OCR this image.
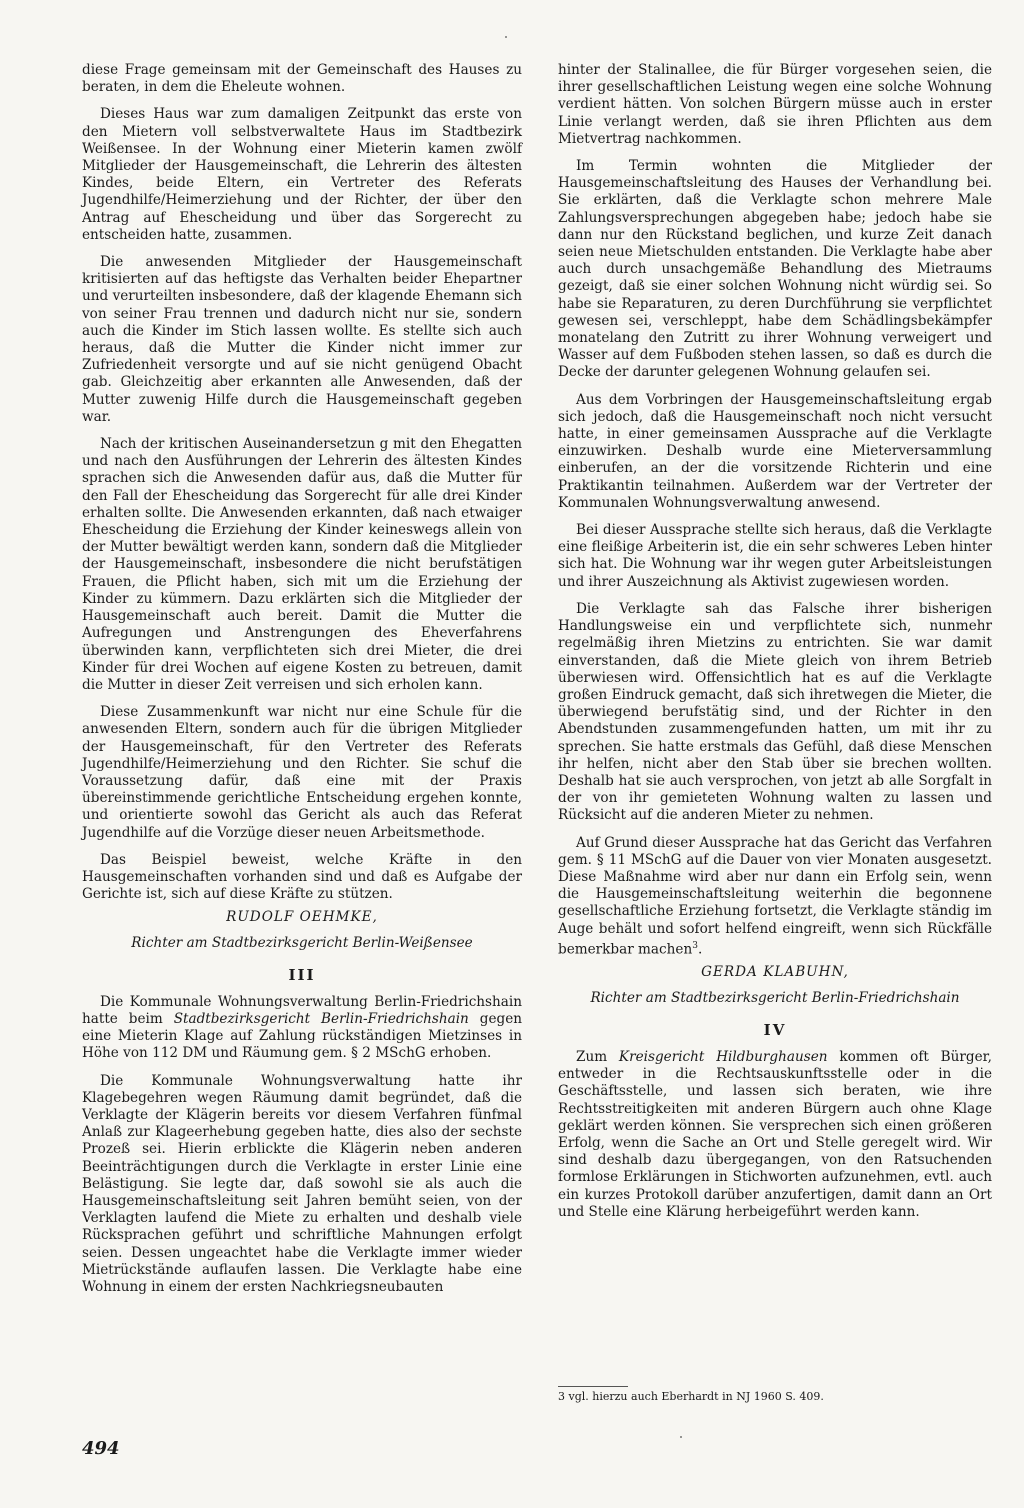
diese Frage gemeinsam mit der Gemeinschaft des Hauses zu beraten, in dem die Eheleute wohnen.

Dieses Haus war zum damaligen Zeitpunkt das erste von den Mietern voll selbstverwaltete Haus im Stadtbezirk Weißensee. In der Wohnung einer Mieterin kamen zwölf Mitglieder der Hausgemeinschaft, die Lehrerin des ältesten Kindes, beide Eltern, ein Vertreter des Referats Jugendhilfe/Heimerziehung und der Richter, der über den Antrag auf Ehescheidung und über das Sorgerecht zu entscheiden hatte, zusammen.

Die anwesenden Mitglieder der Hausgemeinschaft kritisierten auf das heftigste das Verhalten beider Ehepartner und verurteilten insbesondere, daß der klagende Ehemann sich von seiner Frau trennen und dadurch nicht nur sie, sondern auch die Kinder im Stich lassen wollte. Es stellte sich auch heraus, daß die Mutter die Kinder nicht immer zur Zufriedenheit versorgte und auf sie nicht genügend Obacht gab. Gleichzeitig aber erkannten alle Anwesenden, daß der Mutter zuwenig Hilfe durch die Hausgemeinschaft gegeben war.

Nach der kritischen Auseinandersetzun g mit den Ehegatten und nach den Ausführungen der Lehrerin des ältesten Kindes sprachen sich die Anwesenden dafür aus, daß die Mutter für den Fall der Ehescheidung das Sorgerecht für alle drei Kinder erhalten sollte. Die Anwesenden erkannten, daß nach etwaiger Ehescheidung die Erziehung der Kinder keineswegs allein von der Mutter bewältigt werden kann, sondern daß die Mitglieder der Hausgemeinschaft, insbesondere die nicht berufstätigen Frauen, die Pflicht haben, sich mit um die Erziehung der Kinder zu kümmern. Dazu erklärten sich die Mitglieder der Hausgemeinschaft auch bereit. Damit die Mutter die Aufregungen und Anstrengungen des Eheverfahrens überwinden kann, verpflichteten sich drei Mieter, die drei Kinder für drei Wochen auf eigene Kosten zu betreuen, damit die Mutter in dieser Zeit verreisen und sich erholen kann.

Diese Zusammenkunft war nicht nur eine Schule für die anwesenden Eltern, sondern auch für die übrigen Mitglieder der Hausgemeinschaft, für den Vertreter des Referats Jugendhilfe/Heimerziehung und den Richter. Sie schuf die Voraussetzung dafür, daß eine mit der Praxis übereinstimmende gerichtliche Entscheidung ergehen konnte, und orientierte sowohl das Gericht als auch das Referat Jugendhilfe auf die Vorzüge dieser neuen Arbeitsmethode.

Das Beispiel beweist, welche Kräfte in den Hausgemeinschaften vorhanden sind und daß es Aufgabe der Gerichte ist, sich auf diese Kräfte zu stützen.

RUDOLF OEHMKE,
Richter am Stadtbezirksgericht Berlin-Weißensee
III

Die Kommunale Wohnungsverwaltung Berlin-Friedrichshain hatte beim Stadtbezirksgericht Berlin-Friedrichshain gegen eine Mieterin Klage auf Zahlung rückständigen Mietzinses in Höhe von 112 DM und Räumung gem. § 2 MSchG erhoben.

Die Kommunale Wohnungsverwaltung hatte ihr Klagebegehren wegen Räumung damit begründet, daß die Verklagte der Klägerin bereits vor diesem Verfahren fünfmal Anlaß zur Klageerhebung gegeben hatte, dies also der sechste Prozeß sei. Hierin erblickte die Klägerin neben anderen Beeinträchtigungen durch die Verklagte in erster Linie eine Belästigung. Sie legte dar, daß sowohl sie als auch die Hausgemeinschaftsleitung seit Jahren bemüht seien, von der Verklagten laufend die Miete zu erhalten und deshalb viele Rücksprachen geführt und schriftliche Mahnungen erfolgt seien. Dessen ungeachtet habe die Verklagte immer wieder Mietrückstände auflaufen lassen. Die Verklagte habe eine Wohnung in einem der ersten Nachkriegsneubauten

hinter der Stalinallee, die für Bürger vorgesehen seien, die ihrer gesellschaftlichen Leistung wegen eine solche Wohnung verdient hätten. Von solchen Bürgern müsse auch in erster Linie verlangt werden, daß sie ihren Pflichten aus dem Mietvertrag nachkommen.

Im Termin wohnten die Mitglieder der Hausgemeinschaftsleitung des Hauses der Verhandlung bei. Sie erklärten, daß die Verklagte schon mehrere Male Zahlungsversprechungen abgegeben habe; jedoch habe sie dann nur den Rückstand beglichen, und kurze Zeit danach seien neue Mietschulden entstanden. Die Verklagte habe aber auch durch unsachgemäße Behandlung des Mietraums gezeigt, daß sie einer solchen Wohnung nicht würdig sei. So habe sie Reparaturen, zu deren Durchführung sie verpflichtet gewesen sei, verschleppt, habe dem Schädlingsbekämpfer monatelang den Zutritt zu ihrer Wohnung verweigert und Wasser auf dem Fußboden stehen lassen, so daß es durch die Decke der darunter gelegenen Wohnung gelaufen sei.

Aus dem Vorbringen der Hausgemeinschaftsleitung ergab sich jedoch, daß die Hausgemeinschaft noch nicht versucht hatte, in einer gemeinsamen Aussprache auf die Verklagte einzuwirken. Deshalb wurde eine Mieterversammlung einberufen, an der die vorsitzende Richterin und eine Praktikantin teilnahmen. Außerdem war der Vertreter der Kommunalen Wohnungsverwaltung anwesend.

Bei dieser Aussprache stellte sich heraus, daß die Verklagte eine fleißige Arbeiterin ist, die ein sehr schweres Leben hinter sich hat. Die Wohnung war ihr wegen guter Arbeitsleistungen und ihrer Auszeichnung als Aktivist zugewiesen worden.

Die Verklagte sah das Falsche ihrer bisherigen Handlungsweise ein und verpflichtete sich, nunmehr regelmäßig ihren Mietzins zu entrichten. Sie war damit einverstanden, daß die Miete gleich von ihrem Betrieb überwiesen wird. Offensichtlich hat es auf die Verklagte großen Eindruck gemacht, daß sich ihretwegen die Mieter, die überwiegend berufstätig sind, und der Richter in den Abendstunden zusammengefunden hatten, um mit ihr zu sprechen. Sie hatte erstmals das Gefühl, daß diese Menschen ihr helfen, nicht aber den Stab über sie brechen wollten. Deshalb hat sie auch versprochen, von jetzt ab alle Sorgfalt in der von ihr gemieteten Wohnung walten zu lassen und Rücksicht auf die anderen Mieter zu nehmen.

Auf Grund dieser Aussprache hat das Gericht das Verfahren gem. § 11 MSchG auf die Dauer von vier Monaten ausgesetzt. Diese Maßnahme wird aber nur dann ein Erfolg sein, wenn die Hausgemeinschaftsleitung weiterhin die begonnene gesellschaftliche Erziehung fortsetzt, die Verklagte ständig im Auge behält und sofort helfend eingreift, wenn sich Rückfälle bemerkbar machen$^3$.

GERDA KLABUHN,
Richter am Stadtbezirksgericht Berlin-Friedrichshain
IV

Zum Kreisgericht Hildburghausen kommen oft Bürger, entweder in die Rechtsauskunftsstelle oder in die Geschäftsstelle, und lassen sich beraten, wie ihre Rechtsstreitigkeiten mit anderen Bürgern auch ohne Klage geklärt werden können. Sie versprechen sich einen größeren Erfolg, wenn die Sache an Ort und Stelle geregelt wird. Wir sind deshalb dazu übergegangen, von den Ratsuchenden formlose Erklärungen in Stichworten aufzunehmen, evtl. auch ein kurzes Protokoll darüber anzufertigen, damit dann an Ort und Stelle eine Klärung herbeigeführt werden kann.

3 vgl. hierzu auch Eberhardt in NJ 1960 S. 409.
494
